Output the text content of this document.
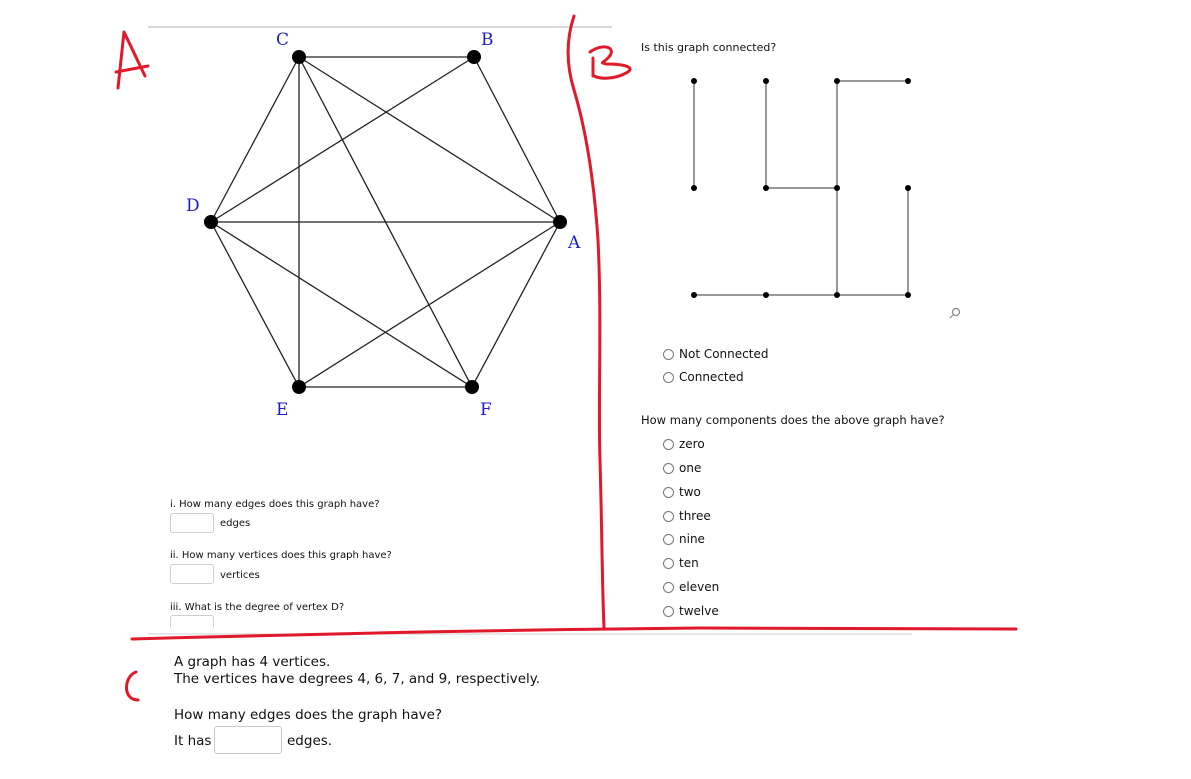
C	B
D
A
E	F
i. How many edges does this graph have?
edges
ii. How many vertices does this graph have?
vertices
iii. What is the degree of vertex D?
Is this graph connected?
Not Connected
Connected
How many components does the above graph have?
zero
one
two
three
nine
ten
eleven
twelve
A graph has 4 vertices.
The vertices have degrees 4, 6, 7, and 9, respectively.
How many edges does the graph have?
It has	edges.
